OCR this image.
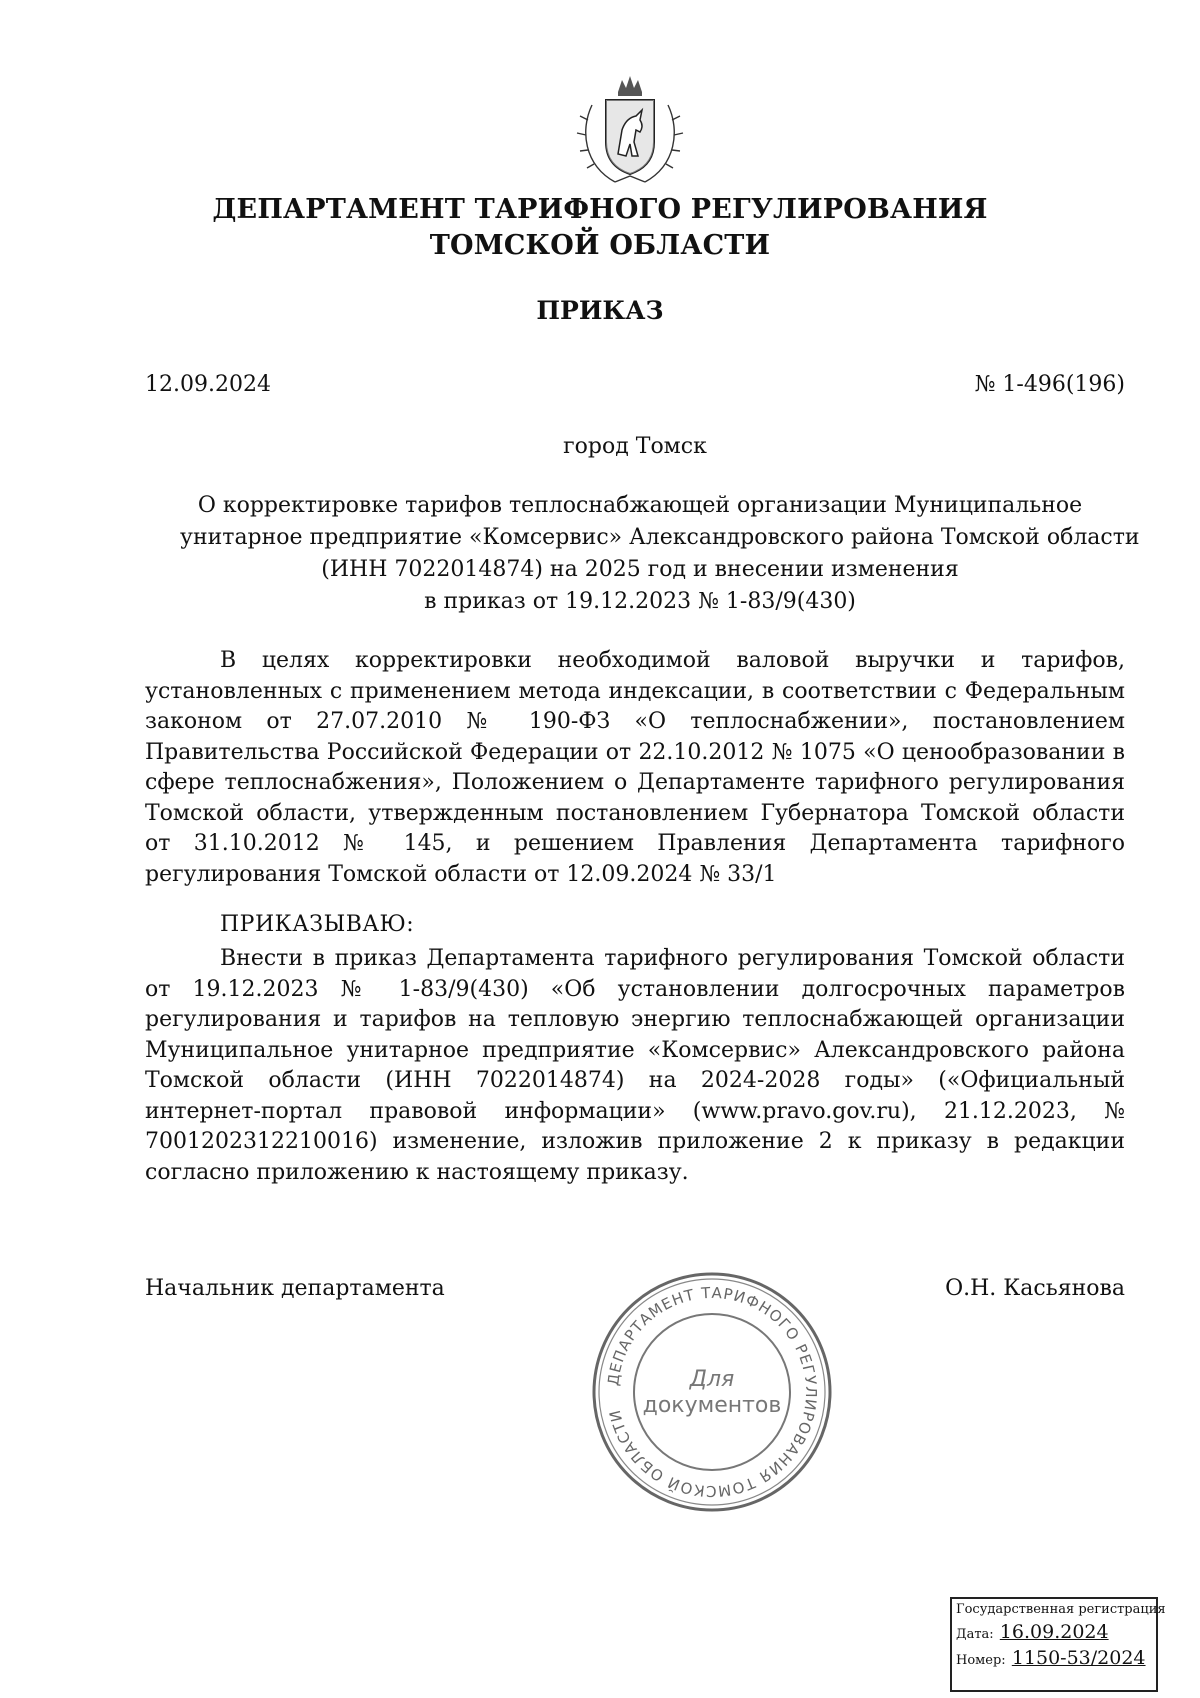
ДЕПАРТАМЕНТ ТАРИФНОГО РЕГУЛИРОВАНИЯ
ТОМСКОЙ ОБЛАСТИ
ПРИКАЗ
12.09.2024	№ 1-496(196)
город Томск
О корректировке тарифов теплоснабжающей организации Муниципальное
унитарное предприятие «Комсервис» Александровского района Томской области
(ИНН 7022014874) на 2025 год и внесении изменения
в приказ от 19.12.2023 № 1-83/9(430)
В целях корректировки необходимой валовой выручки и тарифов, установленных с применением метода индексации, в соответствии с Федеральным законом от 27.07.2010 № 190-ФЗ «О теплоснабжении», постановлением Правительства Российской Федерации от 22.10.2012 № 1075 «О ценообразовании в сфере теплоснабжения», Положением о Департаменте тарифного регулирования Томской области, утвержденным постановлением Губернатора Томской области от 31.10.2012 № 145, и решением Правления Департамента тарифного регулирования Томской области от 12.09.2024 № 33/1
ПРИКАЗЫВАЮ:
Внести в приказ Департамента тарифного регулирования Томской области от 19.12.2023 № 1-83/9(430) «Об установлении долгосрочных параметров регулирования и тарифов на тепловую энергию теплоснабжающей организации Муниципальное унитарное предприятие «Комсервис» Александровского района Томской области (ИНН 7022014874) на 2024-2028 годы» («Официальный интернет-портал правовой информации» (www.pravo.gov.ru), 21.12.2023, № 7001202312210016) изменение, изложив приложение 2 к приказу в редакции согласно приложению к настоящему приказу.
Начальник департамента	О.Н. Касьянова
ДЕПАРТАМЕНТ ТАРИФНОГО РЕГУЛИРОВАНИЯ ТОМСКОЙ ОБЛАСТИ
Для
документов
Государственная регистрация
Дата: 16.09.2024
Номер: 1150-53/2024
